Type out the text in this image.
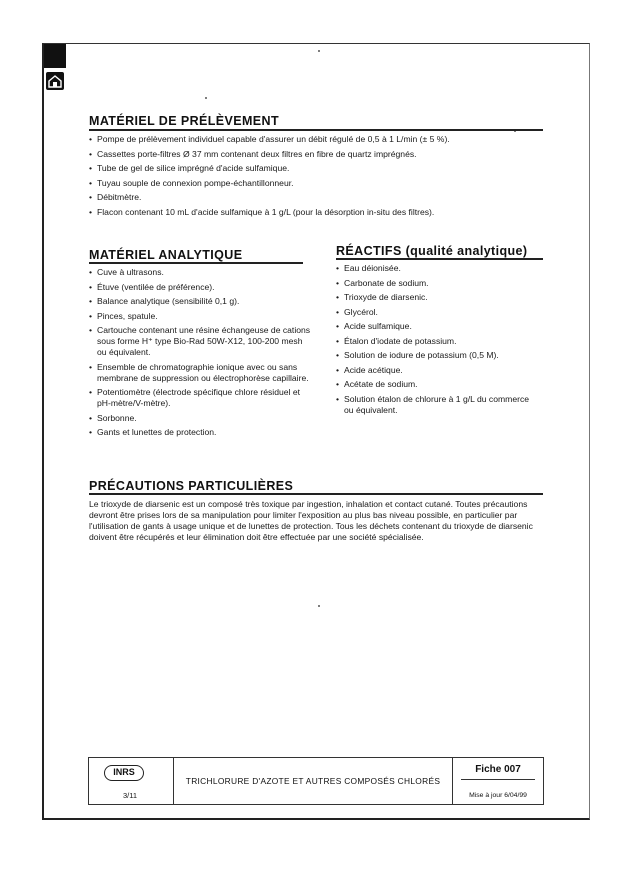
MATÉRIEL DE PRÉLÈVEMENT
• Pompe de prélèvement individuel capable d'assurer un débit régulé de 0,5 à 1 L/min (± 5 %).
• Cassettes porte-filtres Ø 37 mm contenant deux filtres en fibre de quartz imprégnés.
• Tube de gel de silice imprégné d'acide sulfamique.
• Tuyau souple de connexion pompe-échantillonneur.
• Débitmètre.
• Flacon contenant 10 mL d'acide sulfamique à 1 g/L (pour la désorption in-situ des filtres).
MATÉRIEL ANALYTIQUE
• Cuve à ultrasons.
• Étuve (ventilée de préférence).
• Balance analytique (sensibilité 0,1 g).
• Pinces, spatule.
• Cartouche contenant une résine échangeuse de cations sous forme H⁺ type Bio-Rad 50W-X12, 100-200 mesh ou équivalent.
• Ensemble de chromatographie ionique avec ou sans membrane de suppression ou électrophorèse capillaire.
• Potentiomètre (électrode spécifique chlore résiduel et pH-mètre/V-mètre).
• Sorbonne.
• Gants et lunettes de protection.
RÉACTIFS (qualité analytique)
• Eau déionisée.
• Carbonate de sodium.
• Trioxyde de diarsenic.
• Glycérol.
• Acide sulfamique.
• Étalon d'iodate de potassium.
• Solution de iodure de potassium (0,5 M).
• Acide acétique.
• Acétate de sodium.
• Solution étalon de chlorure à 1 g/L du commerce ou équivalent.
PRÉCAUTIONS PARTICULIÈRES

Le trioxyde de diarsenic est un composé très toxique par ingestion, inhalation et contact cutané. Toutes précautions devront être prises lors de sa manipulation pour limiter l'exposition au plus bas niveau possible, en particulier par l'utilisation de gants à usage unique et de lunettes de protection. Tous les déchets contenant du trioxyde de diarsenic doivent être récupérés et leur élimination doit être effectuée par une société spécialisée.

INRS
3/11
TRICHLORURE D'AZOTE ET AUTRES COMPOSÉS CHLORÉS
Fiche 007
Mise à jour 6/04/99
